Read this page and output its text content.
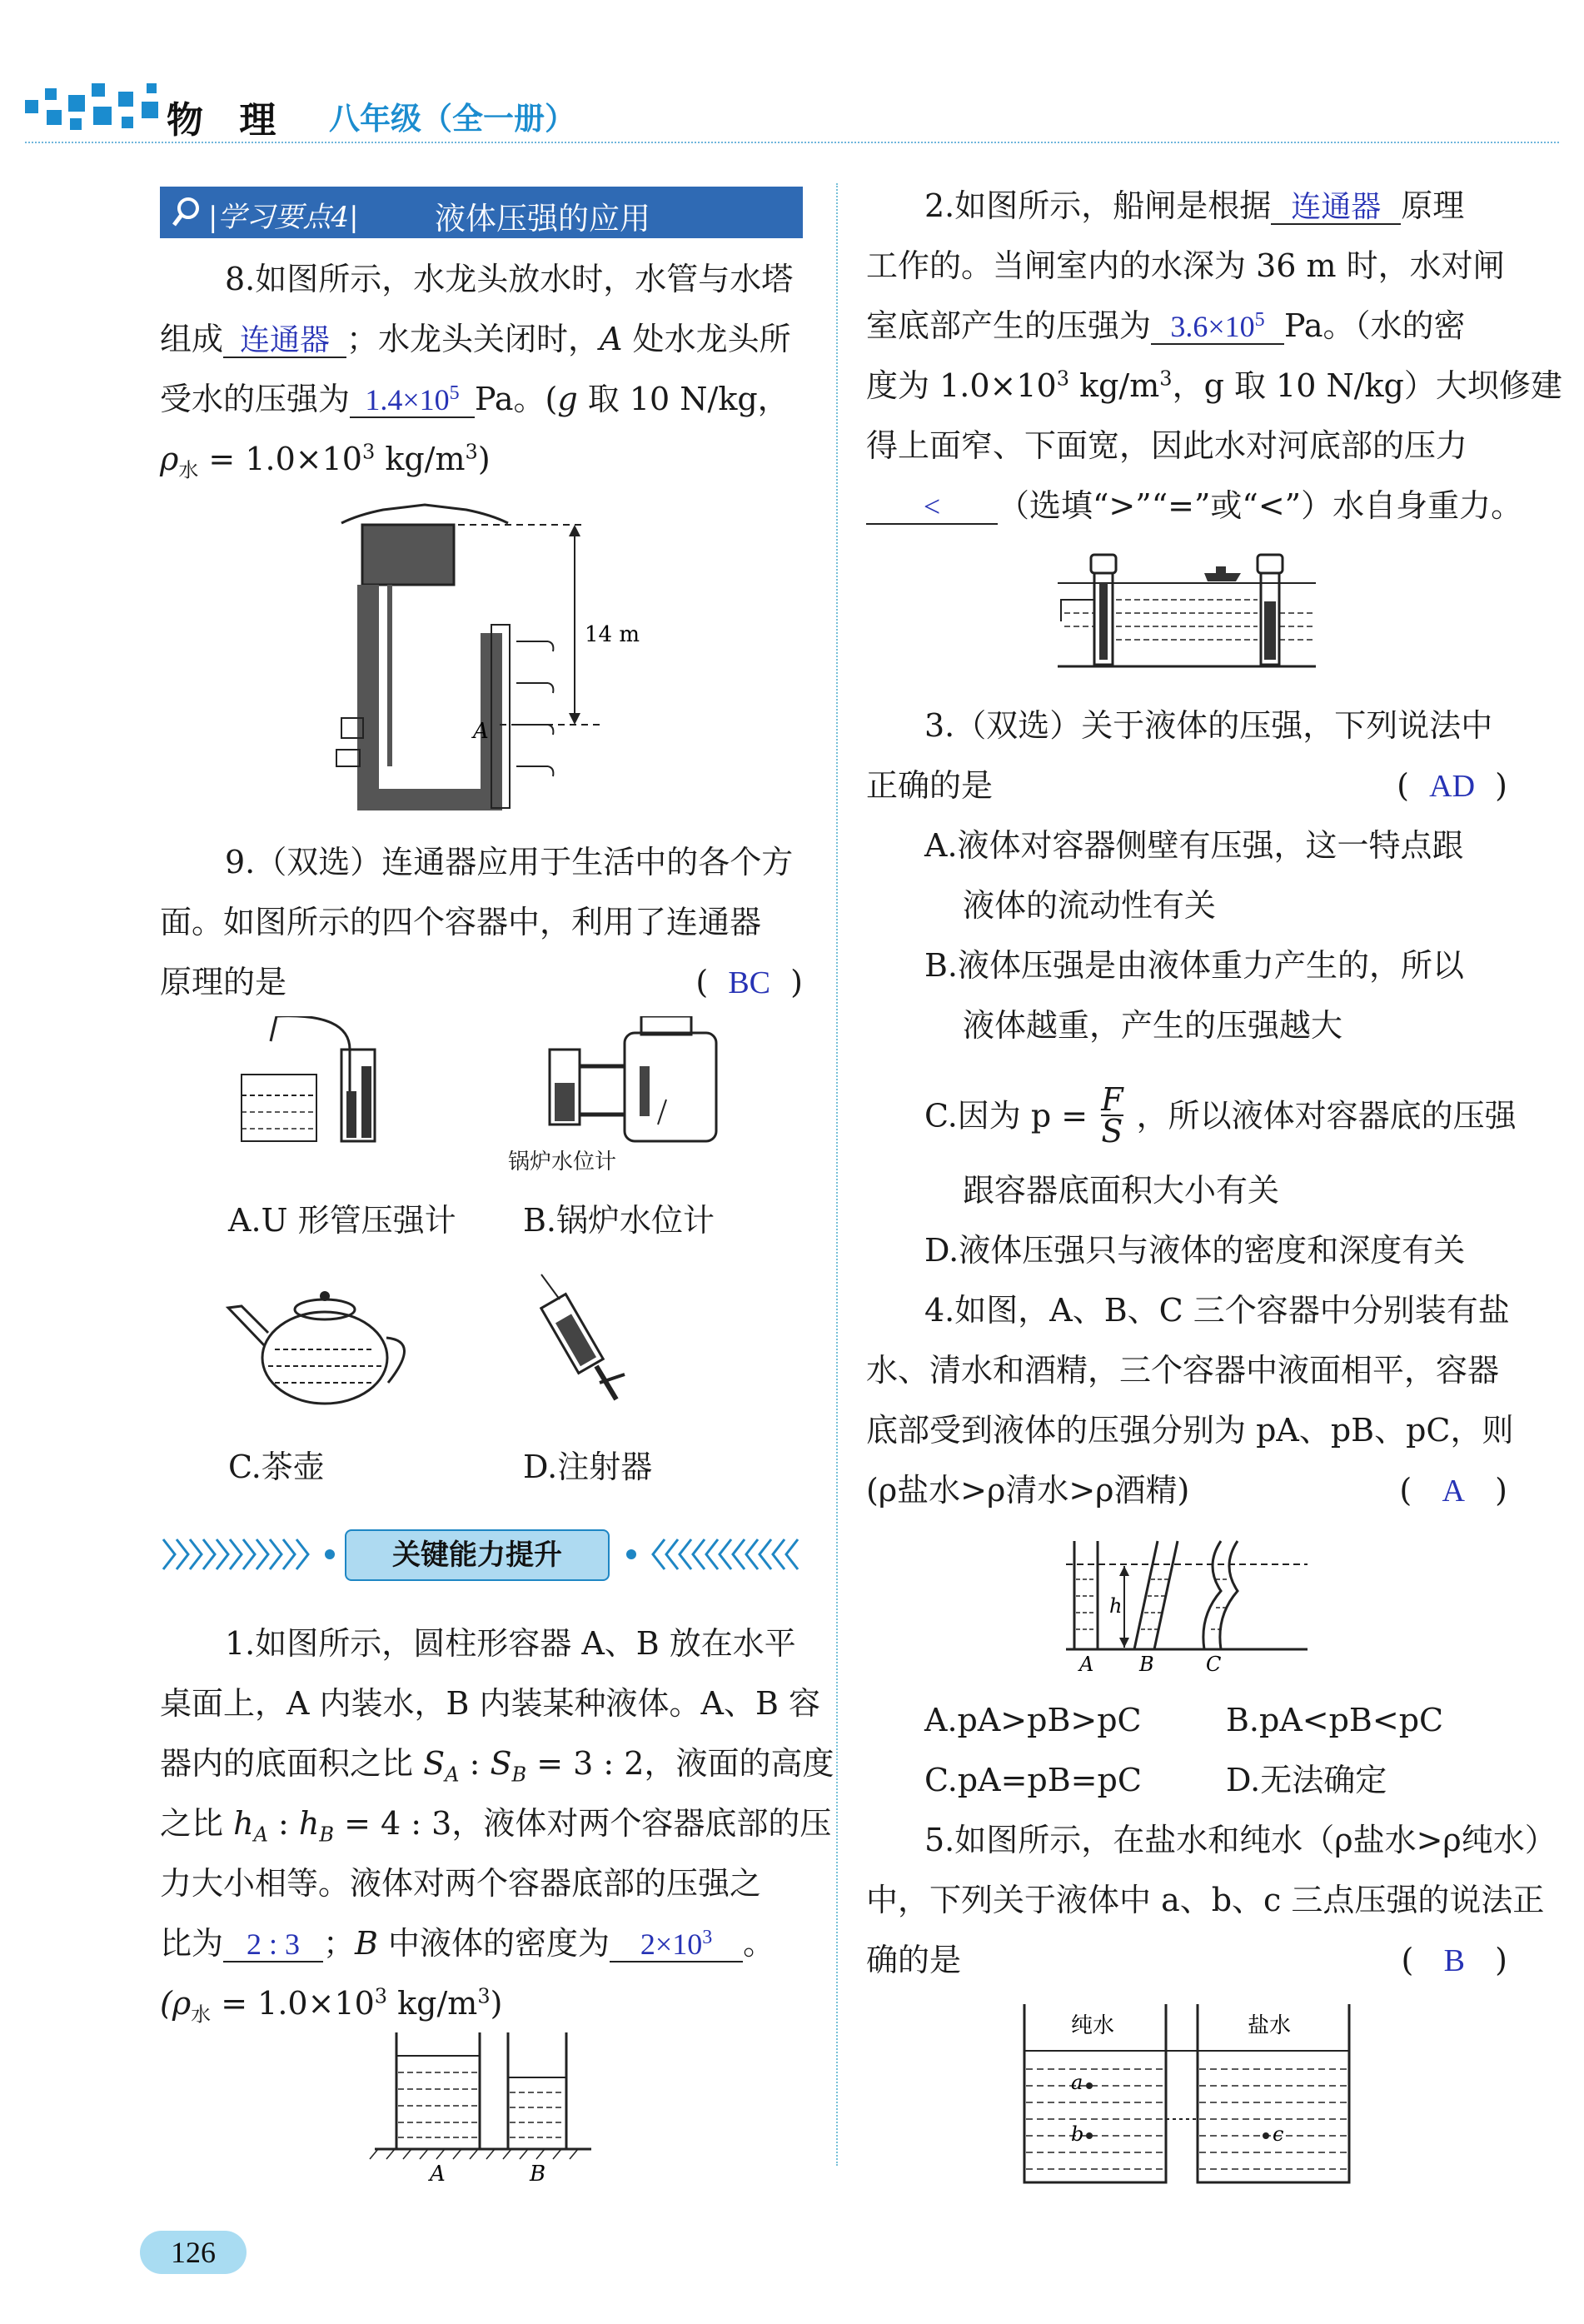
物 理 八年级（全一册）
|学习要点4| 液体压强的应用
8.如图所示，水龙头放水时，水管与水塔
组成 连通器 ；水龙头关闭时，A 处水龙头所
受水的压强为 $1.4\times 10^5$ Pa。(g 取 10 N/kg，
$\rho_水 = 1.0\times 10^3$ $kg/m^3$)
14 m
A
9.（双选）连通器应用于生活中的各个方
面。如图所示的四个容器中，利用了连通器
原理的是	(  BC  )
锅炉水位计
A.U 形管压强计 B.锅炉水位计
C.茶壶	D.注射器
关键能力提升
1.如图所示，圆柱形容器 A、B 放在水平
桌面上，A 内装水，B 内装某种液体。A、B 容
器内的底面积之比 $S_A$ : $S_B = 3$ : 2，液面的高度
之比 $h_A$ : $h_B = 4$ : 3，液体对两个容器底部的压
力大小相等。液体对两个容器底部的压强之
比为 2 : 3 ；B 中液体的密度为 $2\times 10^3$ 。
($\rho_水 = 1.0\times 10^3$ $kg/m^3$)
A	B
126
2.如图所示，船闸是根据 连通器 原理
工作的。当闸室内的水深为 36 m 时，水对闸
室底部产生的压强为 $3.6\times 10^5$ Pa。（水的密
度为 $1.0\times 10^3$ $kg/m^3$，g 取 10 N/kg）大坝修建
得上面窄、下面宽，因此水对河底部的压力
< （选填“>”“=”或“<”）水自身重力。
3.（双选）关于液体的压强，下列说法中
正确的是	(  AD  )
A.液体对容器侧壁有压强，这一特点跟
液体的流动性有关
B.液体压强是由液体重力产生的，所以
液体越重，产生的压强越大
C.因为 $p = \frac{F}{S}$ ，所以液体对容器底的压强
跟容器底面积大小有关
D.液体压强只与液体的密度和深度有关
4.如图，A、B、C 三个容器中分别装有盐
水、清水和酒精，三个容器中液面相平，容器
底部受到液体的压强分别为 pA、pB、pC，则
(ρ盐水>ρ清水>ρ酒精)	(   A   )
A B	C
h
A.pA>pB>pC	B.pA<pB<pC
C.pA=pB=pC	D.无法确定
5.如图所示，在盐水和纯水（ρ盐水>ρ纯水）
中，下列关于液体中 a、b、c 三点压强的说法正
确的是	(   B   )
a
b	c
纯水	盐水
